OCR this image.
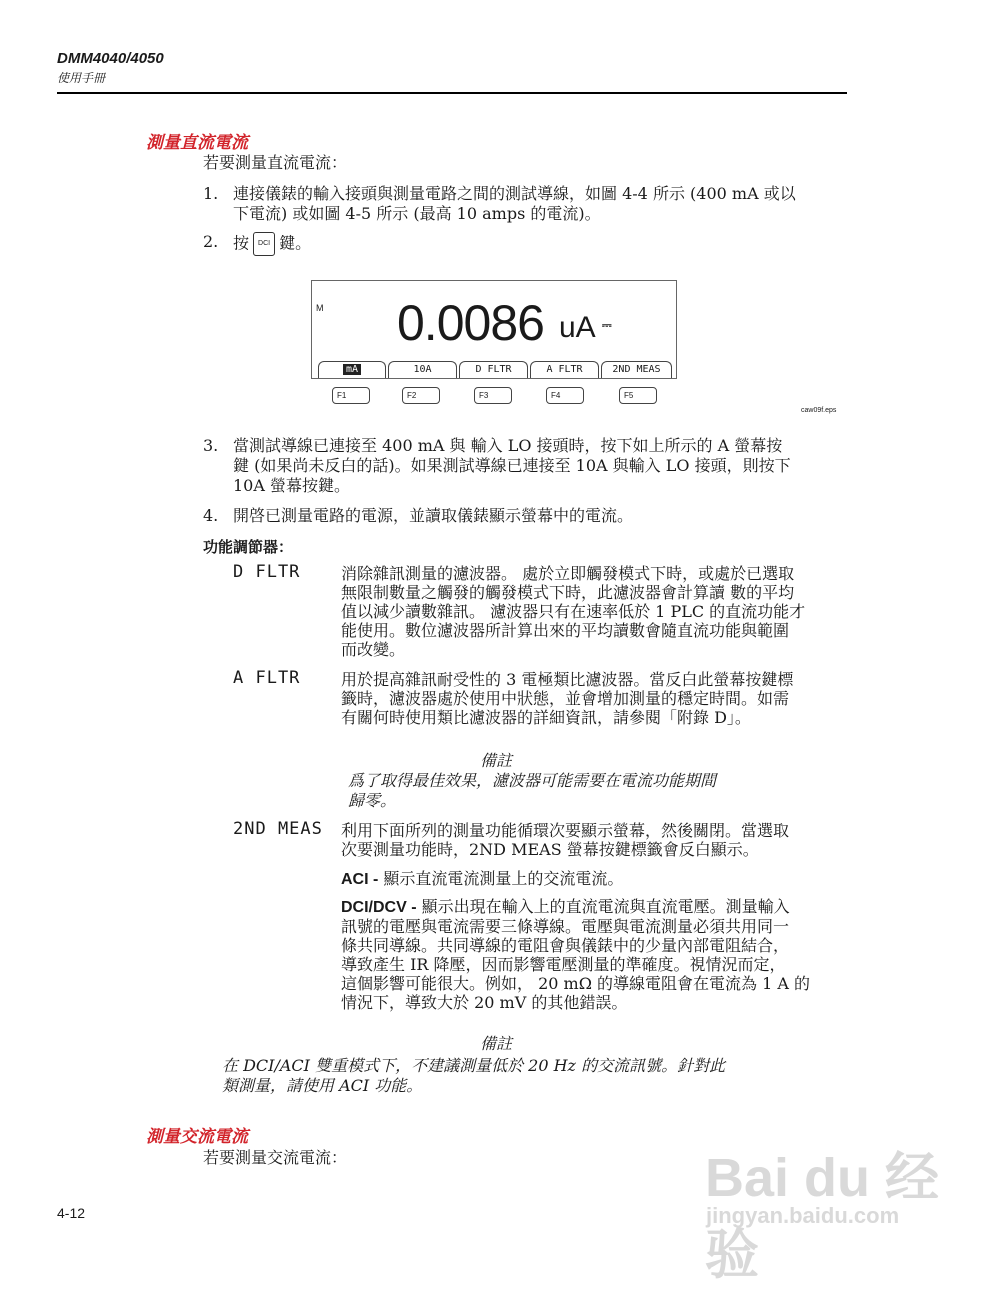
DMM4040/4050
使用手冊
測量直流電流
若要測量直流電流：
1. 連接儀錶的輸入接頭與測量電路之間的測試導線，如圖 4-4 所示 (400 mA 或以
下電流) 或如圖 4-5 所示 (最高 10 amps 的電流)。
2. 按 DCI 鍵。
M 0.0086 uA ⎓
mA	10A	D FLTR	A FLTR	2ND MEAS
F1	F2	F3	F4	F5
caw09f.eps
3. 當測試導線已連接至 400 mA 與 輸入 LO 接頭時，按下如上所示的 A 螢幕按
鍵 (如果尚未反白的話)。如果測試導線已連接至 10A 與輸入 LO 接頭，則按下
10A 螢幕按鍵。
4. 開啓已測量電路的電源，並讀取儀錶顯示螢幕中的電流。
功能調節器：
D FLTR	消除雜訊測量的濾波器。 處於立即觸發模式下時，或處於已選取
無限制數量之觸發的觸發模式下時，此濾波器會計算讀 數的平均
值以減少讀數雜訊。 濾波器只有在速率低於 1 PLC 的直流功能才
能使用。數位濾波器所計算出來的平均讀數會隨直流功能與範圍
而改變。
A FLTR	用於提高雜訊耐受性的 3 電極類比濾波器。當反白此螢幕按鍵標
籤時，濾波器處於使用中狀態，並會增加測量的穩定時間。如需
有關何時使用類比濾波器的詳細資訊，請參閱「附錄 D」。
備註
爲了取得最佳效果，濾波器可能需要在電流功能期間
歸零。
2ND MEAS 利用下面所列的測量功能循環次要顯示螢幕，然後關閉。當選取
次要測量功能時，2ND MEAS 螢幕按鍵標籤會反白顯示。
ACI - 顯示直流電流測量上的交流電流。
DCI/DCV - 顯示出現在輸入上的直流電流與直流電壓。測量輸入
訊號的電壓與電流需要三條導線。電壓與電流測量必須共用同一
條共同導線。共同導線的電阻會與儀錶中的少量內部電阻結合，
導致產生 IR 降壓，因而影響電壓測量的準確度。視情況而定，
這個影響可能很大。例如， 20 mΩ 的導線電阻會在電流為 1 A 的
情況下，導致大於 20 mV 的其他錯誤。
備註
在 DCI/ACI 雙重模式下，不建議測量低於 20 Hz 的交流訊號。針對此
類測量，請使用 ACI 功能。
測量交流電流
若要測量交流電流：
4-12
Bai du 经验
jingyan.baidu.com
